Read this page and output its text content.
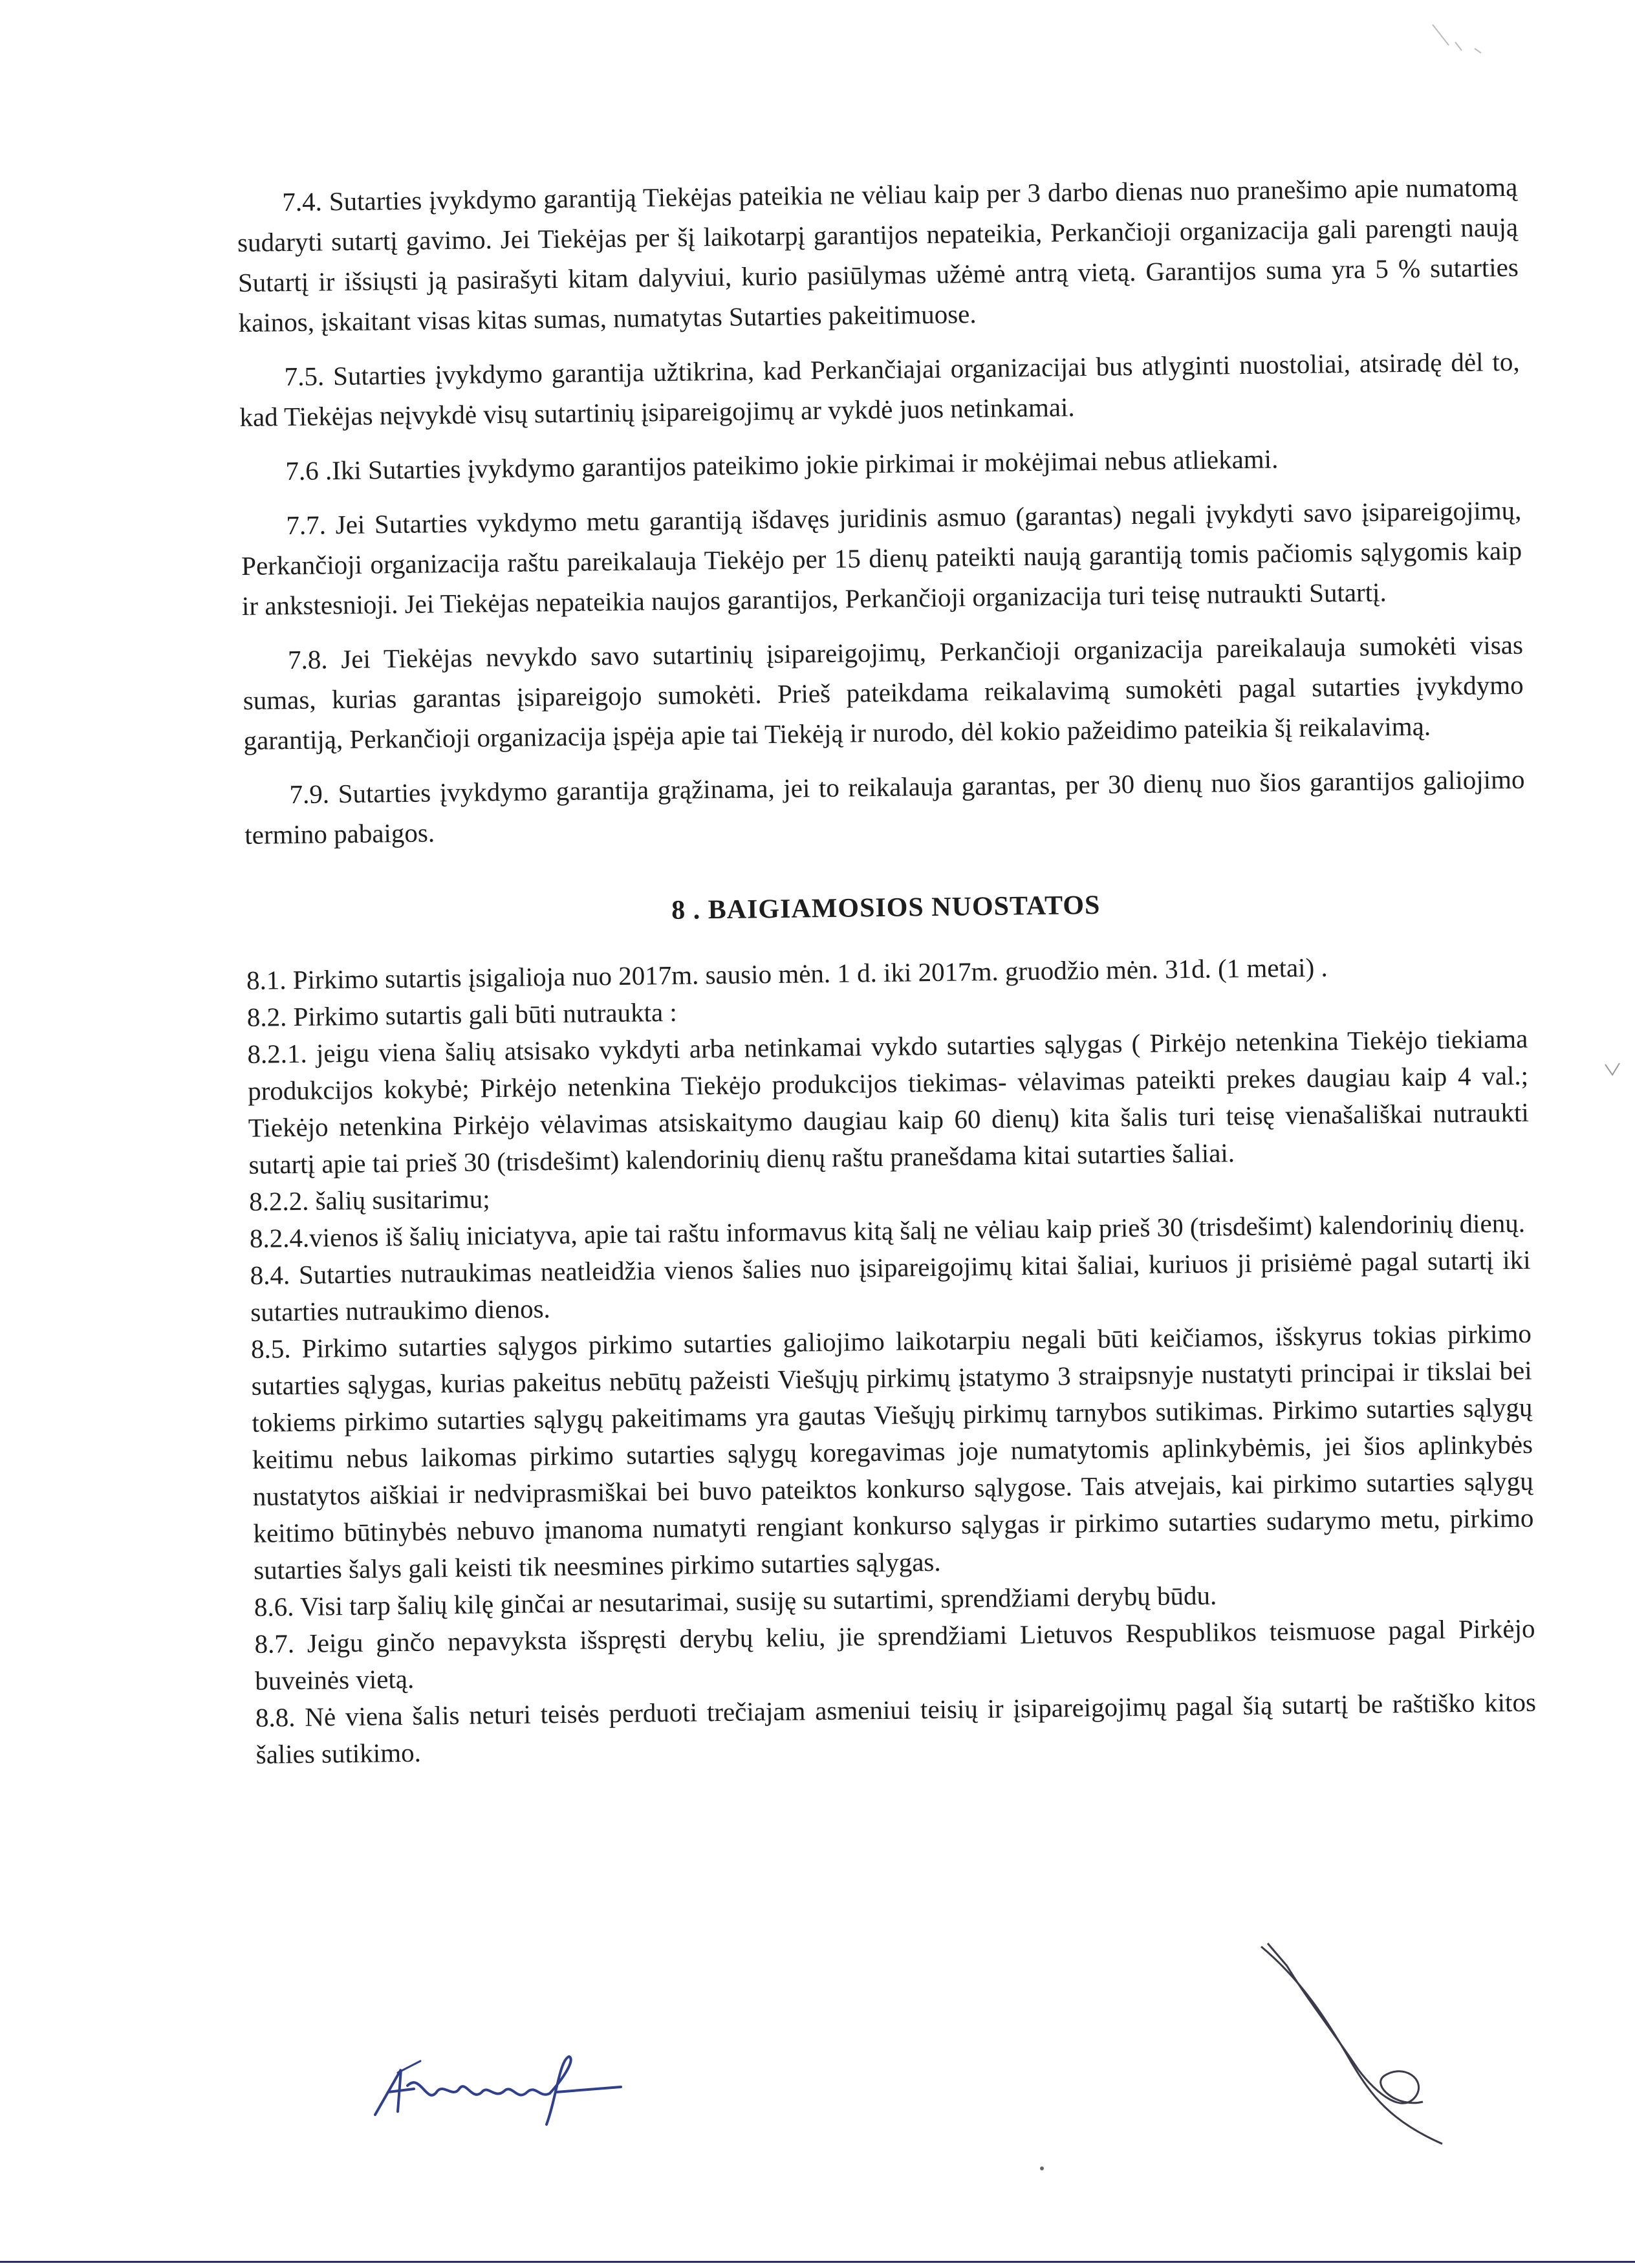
7.4. Sutarties įvykdymo garantiją Tiekėjas pateikia ne vėliau kaip per 3 darbo dienas nuo pranešimo apie numatomą sudaryti sutartį gavimo. Jei Tiekėjas per šį laikotarpį garantijos nepateikia, Perkančioji organizacija gali parengti naują Sutartį ir išsiųsti ją pasirašyti kitam dalyviui, kurio pasiūlymas užėmė antrą vietą. Garantijos suma yra 5 % sutarties kainos, įskaitant visas kitas sumas, numatytas Sutarties pakeitimuose.

7.5. Sutarties įvykdymo garantija užtikrina, kad Perkančiajai organizacijai bus atlyginti nuostoliai, atsiradę dėl to, kad Tiekėjas neįvykdė visų sutartinių įsipareigojimų ar vykdė juos netinkamai.

7.6 .Iki Sutarties įvykdymo garantijos pateikimo jokie pirkimai ir mokėjimai nebus atliekami.

7.7. Jei Sutarties vykdymo metu garantiją išdavęs juridinis asmuo (garantas) negali įvykdyti savo įsipareigojimų, Perkančioji organizacija raštu pareikalauja Tiekėjo per 15 dienų pateikti naują garantiją tomis pačiomis sąlygomis kaip ir ankstesnioji. Jei Tiekėjas nepateikia naujos garantijos, Perkančioji organizacija turi teisę nutraukti Sutartį.

7.8. Jei Tiekėjas nevykdo savo sutartinių įsipareigojimų, Perkančioji organizacija pareikalauja sumokėti visas sumas, kurias garantas įsipareigojo sumokėti. Prieš pateikdama reikalavimą sumokėti pagal sutarties įvykdymo garantiją, Perkančioji organizacija įspėja apie tai Tiekėją ir nurodo, dėl kokio pažeidimo pateikia šį reikalavimą.

7.9. Sutarties įvykdymo garantija grąžinama, jei to reikalauja garantas, per 30 dienų nuo šios garantijos galiojimo termino pabaigos.

8 . BAIGIAMOSIOS NUOSTATOS

8.1. Pirkimo sutartis įsigalioja nuo 2017m. sausio mėn. 1 d. iki 2017m. gruodžio mėn. 31d. (1 metai) .

8.2. Pirkimo sutartis gali būti nutraukta :

8.2.1. jeigu viena šalių atsisako vykdyti arba netinkamai vykdo sutarties sąlygas ( Pirkėjo netenkina Tiekėjo tiekiama produkcijos kokybė; Pirkėjo netenkina Tiekėjo produkcijos tiekimas- vėlavimas pateikti prekes daugiau kaip 4 val.; Tiekėjo netenkina Pirkėjo vėlavimas atsiskaitymo daugiau kaip 60 dienų) kita šalis turi teisę vienašališkai nutraukti sutartį apie tai prieš 30 (trisdešimt) kalendorinių dienų raštu pranešdama kitai sutarties šaliai.

8.2.2. šalių susitarimu;

8.2.4.vienos iš šalių iniciatyva, apie tai raštu informavus kitą šalį ne vėliau kaip prieš 30 (trisdešimt) kalendorinių dienų.

8.4. Sutarties nutraukimas neatleidžia vienos šalies nuo įsipareigojimų kitai šaliai, kuriuos ji prisiėmė pagal sutartį iki sutarties nutraukimo dienos.

8.5. Pirkimo sutarties sąlygos pirkimo sutarties galiojimo laikotarpiu negali būti keičiamos, išskyrus tokias pirkimo sutarties sąlygas, kurias pakeitus nebūtų pažeisti Viešųjų pirkimų įstatymo 3 straipsnyje nustatyti principai ir tikslai bei tokiems pirkimo sutarties sąlygų pakeitimams yra gautas Viešųjų pirkimų tarnybos sutikimas. Pirkimo sutarties sąlygų keitimu nebus laikomas pirkimo sutarties sąlygų koregavimas joje numatytomis aplinkybėmis, jei šios aplinkybės nustatytos aiškiai ir nedviprasmiškai bei buvo pateiktos konkurso sąlygose. Tais atvejais, kai pirkimo sutarties sąlygų keitimo būtinybės nebuvo įmanoma numatyti rengiant konkurso sąlygas ir pirkimo sutarties sudarymo metu, pirkimo sutarties šalys gali keisti tik neesmines pirkimo sutarties sąlygas.

8.6. Visi tarp šalių kilę ginčai ar nesutarimai, susiję su sutartimi, sprendžiami derybų būdu.

8.7. Jeigu ginčo nepavyksta išspręsti derybų keliu, jie sprendžiami Lietuvos Respublikos teismuose pagal Pirkėjo buveinės vietą.

8.8. Nė viena šalis neturi teisės perduoti trečiajam asmeniui teisių ir įsipareigojimų pagal šią sutartį be raštiško kitos šalies sutikimo.
